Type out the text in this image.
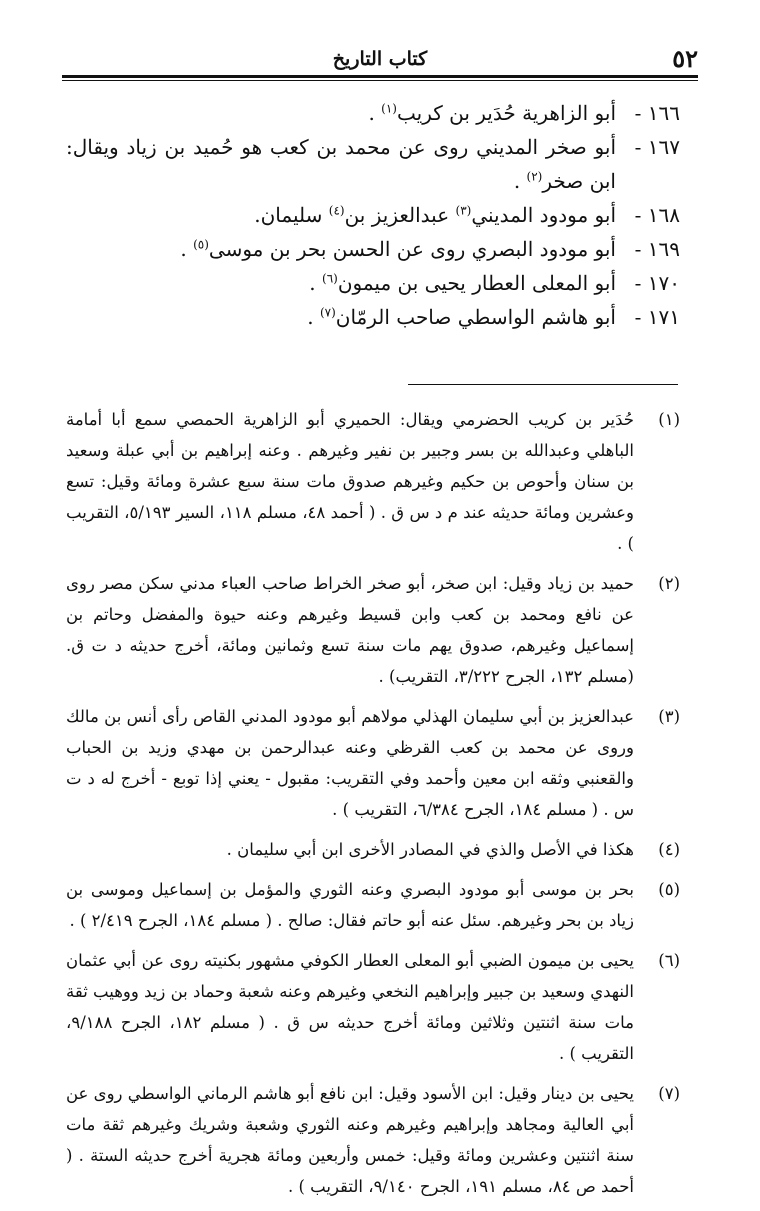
٥٢
كتاب التاريخ

١٦٦ -
أبو الزاهرية حُدَير بن كريب$^{(١)}$ .

١٦٧ -
أبو صخر المديني روى عن محمد بن كعب هو حُميد بن زياد ويقال: ابن صخر$^{(٢)}$ .

١٦٨ -
أبو مودود المديني$^{(٣)}$ عبدالعزيز بن$^{(٤)}$ سليمان.

١٦٩ -
أبو مودود البصري روى عن الحسن بحر بن موسى$^{(٥)}$ .

١٧٠ -
أبو المعلى العطار يحيى بن ميمون$^{(٦)}$ .

١٧١ -
أبو هاشم الواسطي صاحب الرمّان$^{(٧)}$ .

(١)
حُدَير بن كريب الحضرمي ويقال: الحميري أبو الزاهرية الحمصي سمع أبا أمامة الباهلي وعبدالله بن بسر وجبير بن نفير وغيرهم . وعنه إبراهيم بن أبي عبلة وسعيد بن سنان وأحوص بن حكيم وغيرهم صدوق مات سنة سبع عشرة ومائة وقيل: تسع وعشرين ومائة حديثه عند م د س ق . ( أحمد ٤٨، مسلم ١١٨، السير ٥/١٩٣، التقريب ) .
(٢)
حميد بن زياد وقيل: ابن صخر، أبو صخر الخراط صاحب العباء مدني سكن مصر روى عن نافع ومحمد بن كعب وابن قسيط وغيرهم وعنه حيوة والمفضل وحاتم بن إسماعيل وغيرهم، صدوق يهم مات سنة تسع وثمانين ومائة، أخرج حديثه د ت ق. (مسلم ١٣٢، الجرح ٣/٢٢٢، التقريب) .
(٣)
عبدالعزيز بن أبي سليمان الهذلي مولاهم أبو مودود المدني القاص رأى أنس بن مالك وروى عن محمد بن كعب القرظي وعنه عبدالرحمن بن مهدي وزيد بن الحباب والقعنبي وثقه ابن معين وأحمد وفي التقريب: مقبول - يعني إذا توبع - أخرج له د ت س . ( مسلم ١٨٤، الجرح ٦/٣٨٤، التقريب ) .
(٤)
هكذا في الأصل والذي في المصادر الأخرى ابن أبي سليمان .
(٥)
بحر بن موسى أبو مودود البصري وعنه الثوري والمؤمل بن إسماعيل وموسى بن زياد بن بحر وغيرهم. سئل عنه أبو حاتم فقال: صالح . ( مسلم ١٨٤، الجرح ٢/٤١٩ ) .
(٦)
يحيى بن ميمون الضبي أبو المعلى العطار الكوفي مشهور بكنيته روى عن أبي عثمان النهدي وسعيد بن جبير وإبراهيم النخعي وغيرهم وعنه شعبة وحماد بن زيد ووهيب ثقة مات سنة اثنتين وثلاثين ومائة أخرج حديثه س ق . ( مسلم ١٨٢، الجرح ٩/١٨٨، التقريب ) .
(٧)
يحيى بن دينار وقيل: ابن الأسود وقيل: ابن نافع أبو هاشم الرماني الواسطي روى عن أبي العالية ومجاهد وإبراهيم وغيرهم وعنه الثوري وشعبة وشريك وغيرهم ثقة مات سنة اثنتين وعشرين ومائة وقيل: خمس وأربعين ومائة هجرية أخرج حديثه الستة . ( أحمد ص ٨٤، مسلم ١٩١، الجرح ٩/١٤٠، التقريب ) .
